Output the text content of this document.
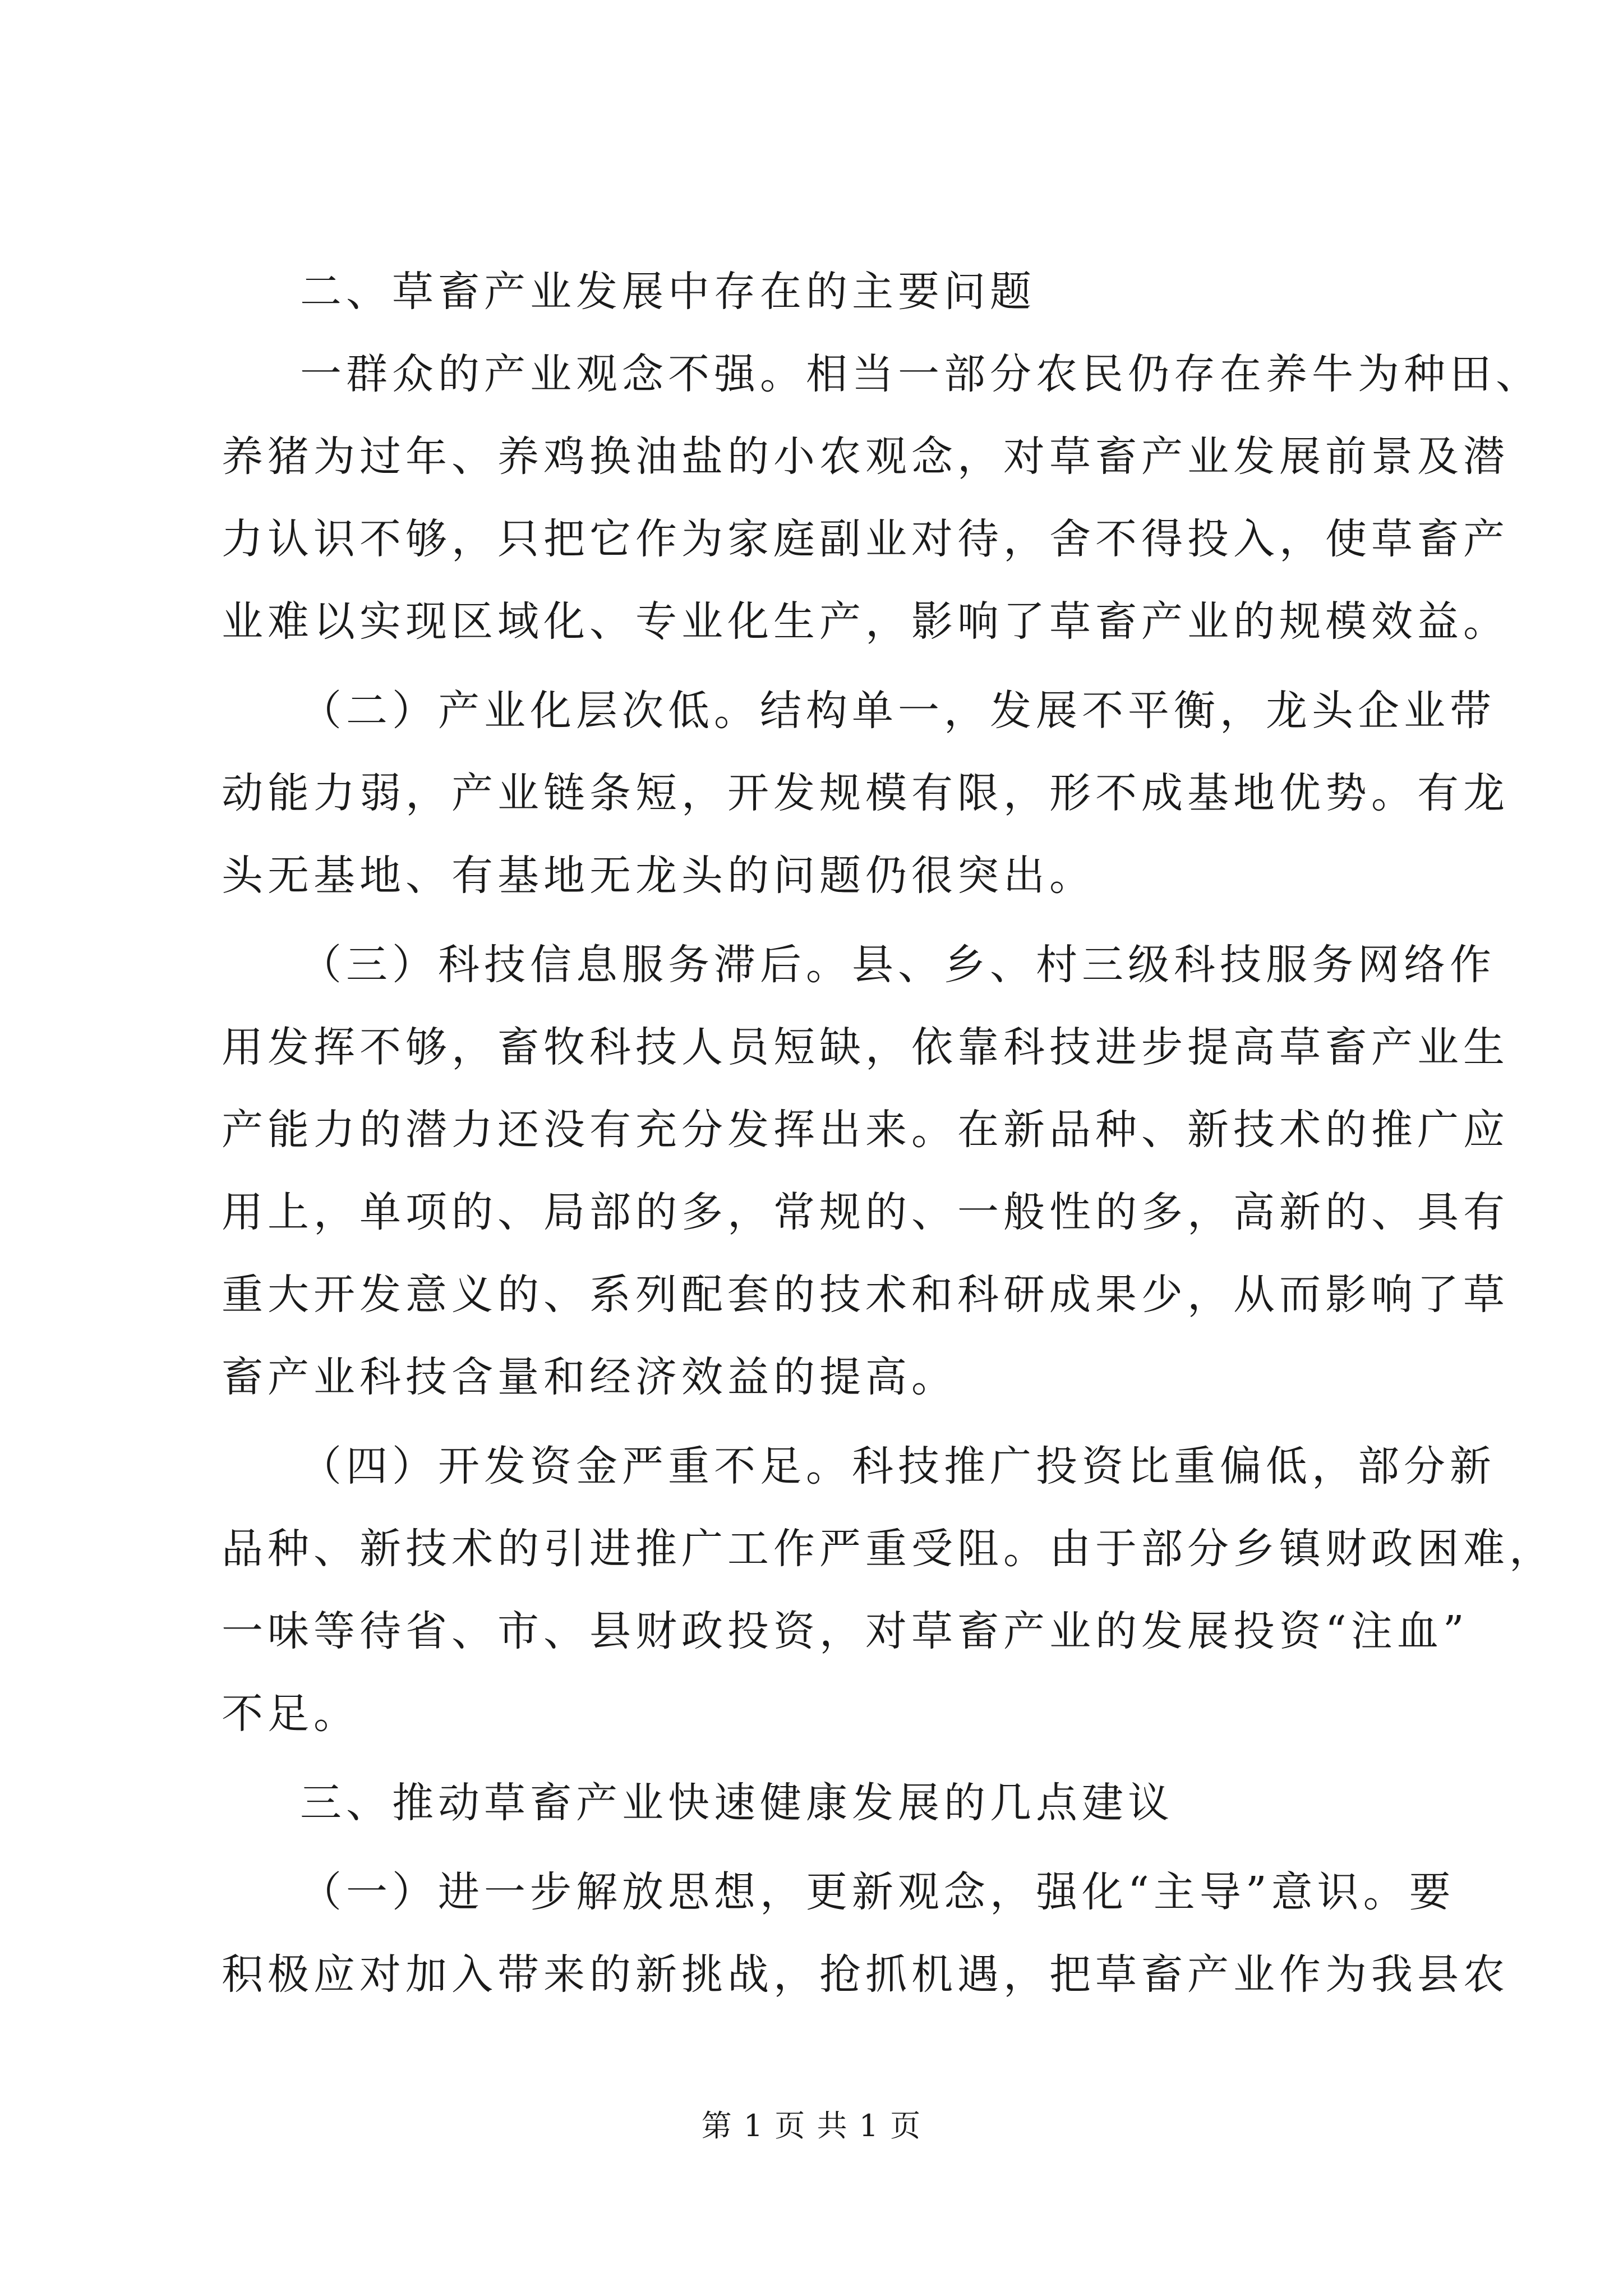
二、草畜产业发展中存在的主要问题
一群众的产业观念不强。相当一部分农民仍存在养牛为种田、
养猪为过年、养鸡换油盐的小农观念，对草畜产业发展前景及潜
力认识不够，只把它作为家庭副业对待，舍不得投入，使草畜产
业难以实现区域化、专业化生产，影响了草畜产业的规模效益。
（二）产业化层次低。结构单一，发展不平衡，龙头企业带
动能力弱，产业链条短，开发规模有限，形不成基地优势。有龙
头无基地、有基地无龙头的问题仍很突出。
（三）科技信息服务滞后。县、乡、村三级科技服务网络作
用发挥不够，畜牧科技人员短缺，依靠科技进步提高草畜产业生
产能力的潜力还没有充分发挥出来。在新品种、新技术的推广应
用上，单项的、局部的多，常规的、一般性的多，高新的、具有
重大开发意义的、系列配套的技术和科研成果少，从而影响了草
畜产业科技含量和经济效益的提高。
（四）开发资金严重不足。科技推广投资比重偏低，部分新
品种、新技术的引进推广工作严重受阻。由于部分乡镇财政困难，
一味等待省、市、县财政投资，对草畜产业的发展投资“注血”
不足。
三、推动草畜产业快速健康发展的几点建议
（一）进一步解放思想，更新观念，强化“主导”意识。要
积极应对加入带来的新挑战，抢抓机遇，把草畜产业作为我县农
第 1 页 共 1 页
